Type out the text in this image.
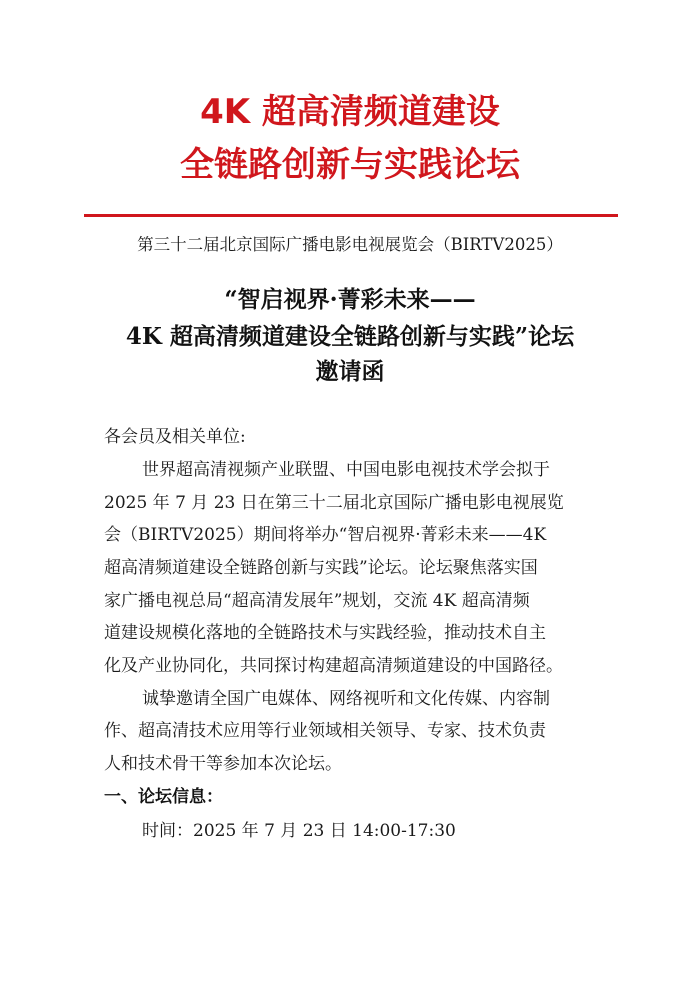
4K 超高清频道建设
全链路创新与实践论坛
第三十二届北京国际广播电影电视展览会（BIRTV2025）
“智启视界·菁彩未来——
4K 超高清频道建设全链路创新与实践”论坛
邀请函
各会员及相关单位:
世界超高清视频产业联盟、中国电影电视技术学会拟于
2025 年 7 月 23 日在第三十二届北京国际广播电影电视展览
会（BIRTV2025）期间将举办“智启视界·菁彩未来——4K
超高清频道建设全链路创新与实践”论坛。论坛聚焦落实国
家广播电视总局“超高清发展年”规划，交流 4K 超高清频
道建设规模化落地的全链路技术与实践经验，推动技术自主
化及产业协同化，共同探讨构建超高清频道建设的中国路径。
诚挚邀请全国广电媒体、网络视听和文化传媒、内容制
作、超高清技术应用等行业领域相关领导、专家、技术负责
人和技术骨干等参加本次论坛。
一、论坛信息：
时间：2025 年 7 月 23 日 14:00-17:30
